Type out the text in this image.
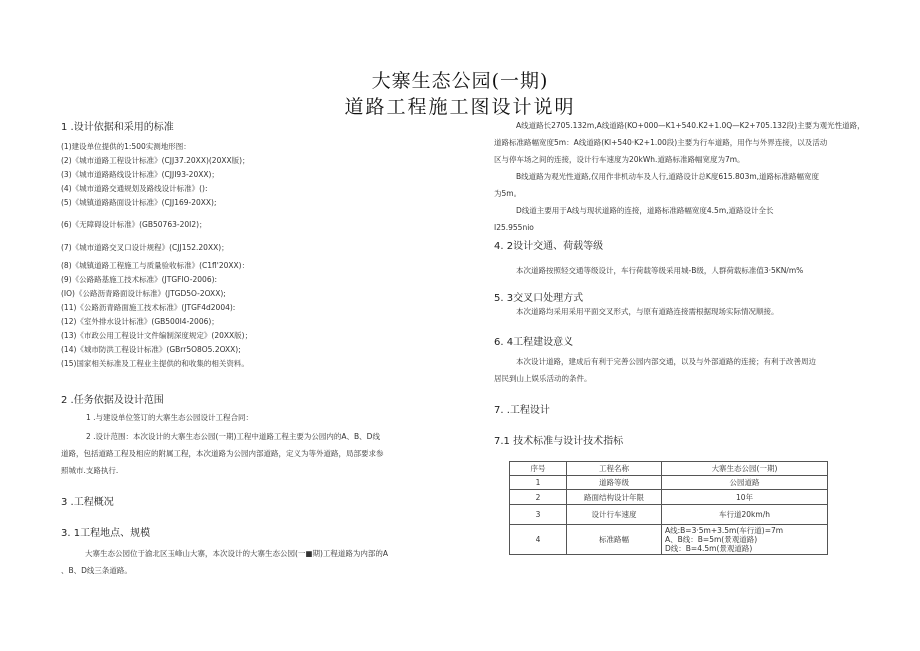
大寨生态公园(一期)
道路工程施工图设计说明
1 .设计依据和采用的标准
(1)建设单位提供的1:500实测地形图：
(2)《城市道路工程设计标准》(CJJ37.20XX)(20XX版)；
(3)《城市道路路线设计标准》(CJJI93-20XX)；
(4)《城市道路交通规划及路线设计标准》():
(5)《城镇道路路面设计标准》(CJJ169-20XX);
(6)《无障碍设计标准》(GB50763-20I2)；
(7)《城市道路交叉口设计规程》(CJJ152.20XX)；
(8)《城镇道路工程施工与质量验收标准》(C1fl'20XX)：
(9)《公路路基施工技术标准》(JTGFIO-2006):
(IO)《公路沥青路面设计标准》(JTGD5O-2OXX);
(11)《公路沥青路面施工技术标准》(JTGF4d2004):
(12)《室外排水设计标准》(GB500I4-2006)；
(13)《市政公用工程设计文件编制深度规定》(20XX版)；
(14)《城市防洪工程设计标准》(GBrr5O8O5.2OXX);
(15)国家相关标准及工程业主提供的和收集的相关资料。
2 .任务依据及设计范围
1 .与建设单位签订的大寨生态公园设计工程合同：
2 .设计范围：本次设计的大寨生态公园(一期)工程中道路工程主要为公园内的A、B、D线
道路，包括道路工程及相应的附属工程，本次道路为公园内部道路，定义为等外道路，局部要求参
照城市.支路执行.
3 .工程概况
3. 1工程地点、规模
大寨生态公园位于渝北区玉峰山大寨，本次设计的大寨生态公园(一■期)工程道路为内部的A
、B、D线三条道路。
A线道路长2705.132m,A线道路(KO+000—K1+540.K2+1.0Q—K2+705.132段)主要为观光性道路，
道路标准路幅宽度5m：A线道路(Kl+540·K2+1.00段)主要为行车道路，用作与外界连接，以及活动
区与停车场之间的连接，设计行车速度为20kWh.道路标准路幅宽度为7m。
B线道路为观光性道路,仅用作非机动车及人行,道路设计总K度615.803m,道路标准路幅宽度
为5m。
D线道主要用于A线与现状道路的连接，道路标准路幅宽度4.5m,道路设计全长
I25.955nio
4. 2设计交通、荷载等级
本次道路按照轻交通等级设计，车行荷载等级采用城-B级，人群荷载标准值3·5KN/m%
5. 3交叉口处理方式
本次道路均采用采用平面交叉形式，与原有道路连接需根据现场实际情况顺接。
6. 4工程建设意义
本次设计道路，建成后有利于完善公园内部交通，以及与外部道路的连接；有利于改善周边
居民到山上娱乐活动的条件。
7. .工程设计
7.1 技术标准与设计技术指标
序号	工程名称	大寨生态公园(一期)
1	道路等级	公园道路
2	路面结构设计年限	10年
3	设计行车速度	车行道20km/h
4	标准路幅	A线:B=3·5m+3.5m(车行道)=7m
A、B线：B=5m(景观道路)
D线：B=4.5m(景观道路)
